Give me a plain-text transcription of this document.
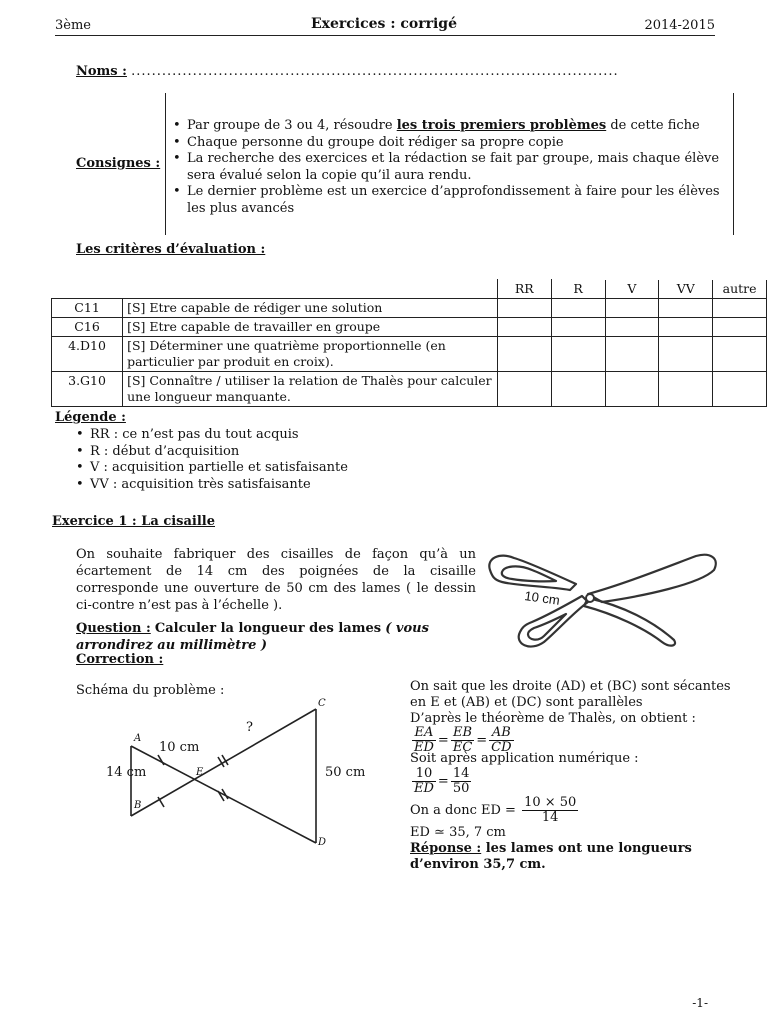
3ème	Exercices : corrigé	2014-2015
Noms : ...............................................................................................
Consignes :
• Par groupe de 3 ou 4, résoudre les trois premiers problèmes de cette fiche
• Chaque personne du groupe doit rédiger sa propre copie
• La recherche des exercices et la rédaction se fait par groupe, mais chaque élève sera évalué selon la copie qu’il aura rendu.
• Le dernier problème est un exercice d’approfondissement à faire pour les élèves les plus avancés
Les critères d’évaluation :
		RR	R	V	VV	autre
C11	[S] Etre capable de rédiger une solution					
C16	[S] Etre capable de travailler en groupe					
4.D10	[S] Déterminer une quatrième proportionnelle (en particulier par produit en croix).					
3.G10	[S] Connaître / utiliser la relation de Thalès pour calculer une longueur manquante.					
Légende :
• RR : ce n’est pas du tout acquis
• R : début d’acquisition
• V : acquisition partielle et satisfaisante
• VV : acquisition très satisfaisante
Exercice 1 : La cisaille
On souhaite fabriquer des cisailles de façon qu’à un écartement de 14 cm des poignées de la cisaille corresponde une ouverture de 50 cm des lames ( le dessin ci-contre n’est pas à l’échelle ).	10 cm
Question : Calculer la longueur des lames ( vous arrondirez au millimètre )
Correction :
Schéma du problème :
A
B
C
D
E
10 cm
14 cm	50 cm
?
On sait que les droite (AD) et (BC) sont sécantes en E et (AB) et (DC) sont parallèles
D’après le théorème de Thalès, on obtient :
$\frac{EA}{ED} = \frac{EB}{EC} = \frac{AB}{CD}$
Soit après application numérique :
$\frac{10}{ED} = \frac{14}{50}$
On a donc ED = $\frac{10 \times 50}{14}$
ED ≃ 35, 7 cm
Réponse : les lames ont une longueurs d’environ 35,7 cm.
-1-
